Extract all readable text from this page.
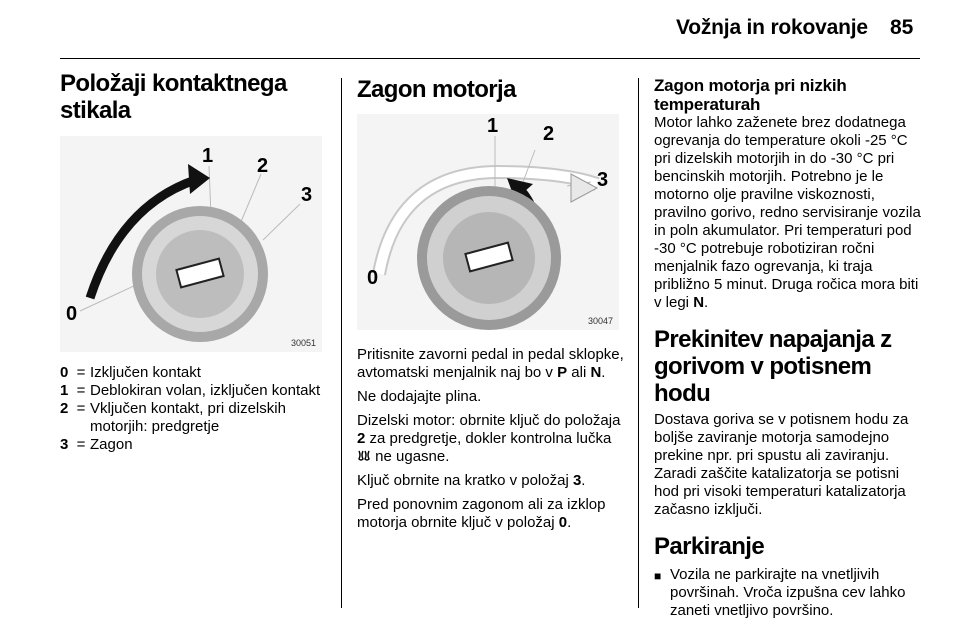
Vožnja in rokovanje 85
Položaji kontaktnega stikala
0
1 2
3
30051
0 = Izključen kontakt
1 = Deblokiran volan, izključen kontakt
2 = Vključen kontakt, pri dizelskih motorjih: predgretje
3 = Zagon
Zagon motorja
0
1 2
3
30047

Pritisnite zavorni pedal in pedal sklopke, avtomatski menjalnik naj bo v P ali N.

Ne dodajajte plina.

Dizelski motor: obrnite ključ do položaja 2 za predgretje, dokler kontrolna lučka  ne ugasne.

Ključ obrnite na kratko v položaj 3.

Pred ponovnim zagonom ali za izklop motorja obrnite ključ v položaj 0.

Zagon motorja pri nizkih temperaturah

Motor lahko zaženete brez dodatnega ogrevanja do temperature okoli -25 °C pri dizelskih motorjih in do -30 °C pri bencinskih motorjih. Potrebno je le motorno olje pravilne viskoznosti, pravilno gorivo, redno servisiranje vozila in poln akumulator. Pri temperaturi pod -30 °C potrebuje robotiziran ročni menjalnik fazo ogrevanja, ki traja približno 5 minut. Druga ročica mora biti v legi N.

Prekinitev napajanja z gorivom v potisnem hodu

Dostava goriva se v potisnem hodu za boljše zaviranje motorja samodejno prekine npr. pri spustu ali zaviranju. Zaradi zaščite katalizatorja se potisni hod pri visoki temperaturi katalizatorja začasno izključi.

Parkiranje
■ Vozila ne parkirajte na vnetljivih površinah. Vroča izpušna cev lahko zaneti vnetljivo površino.
